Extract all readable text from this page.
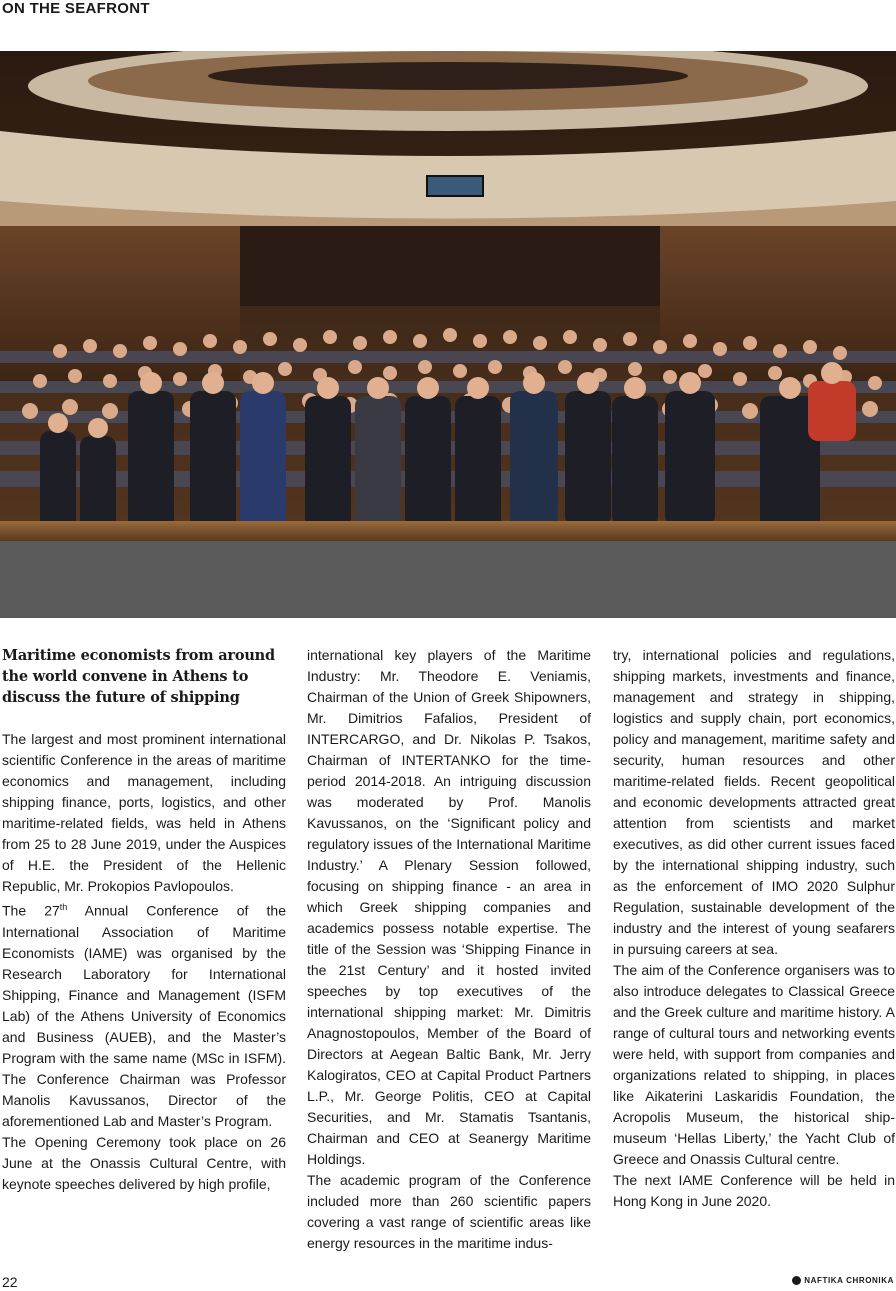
ON THE SEAFRONT
Maritime economists from around the world convene in Athens to discuss the future of shipping

The largest and most prominent international scientific Conference in the areas of maritime economics and management, including shipping finance, ports, logistics, and other maritime-related fields, was held in Athens from 25 to 28 June 2019, under the Auspices of H.E. the President of the Hellenic Republic, Mr. Prokopios Pavlopoulos.

The 27th Annual Conference of the International Association of Maritime Economists (IAME) was organised by the Research Laboratory for International Shipping, Finance and Management (ISFM Lab) of the Athens University of Economics and Business (AUEB), and the Master’s Program with the same name (MSc in ISFM). The Conference Chairman was Professor Manolis Kavussanos, Director of the aforementioned Lab and Master’s Program.

The Opening Ceremony took place on 26 June at the Onassis Cultural Centre, with keynote speeches delivered by high profile,

international key players of the Maritime Industry: Mr. Theodore E. Veniamis, Chairman of the Union of Greek Shipowners, Mr. Dimitrios Fafalios, President of INTERCARGO, and Dr. Nikolas P. Tsakos, Chairman of INTERTANKO for the time-period 2014-2018. An intriguing discussion was moderated by Prof. Manolis Kavussanos, on the ‘Significant policy and regulatory issues of the International Maritime Industry.’ A Plenary Session followed, focusing on shipping finance - an area in which Greek shipping companies and academics possess notable expertise. The title of the Session was ‘Shipping Finance in the 21st Century’ and it hosted invited speeches by top executives of the international shipping market: Mr. Dimitris Anagnostopoulos, Member of the Board of Directors at Aegean Baltic Bank, Mr. Jerry Kalogiratos, CEO at Capital Product Partners L.P., Mr. George Politis, CEO at Capital Securities, and Mr. Stamatis Tsantanis, Chairman and CEO at Seanergy Maritime Holdings.

The academic program of the Conference included more than 260 scientific papers covering a vast range of scientific areas like energy resources in the maritime indus-

try, international policies and regulations, shipping markets, investments and finance, management and strategy in shipping, logistics and supply chain, port economics, policy and management, maritime safety and security, human resources and other maritime-related fields. Recent geopolitical and economic developments attracted great attention from scientists and market executives, as did other current issues faced by the international shipping industry, such as the enforcement of IMO 2020 Sulphur Regulation, sustainable development of the industry and the interest of young seafarers in pursuing careers at sea.

The aim of the Conference organisers was to also introduce delegates to Classical Greece and the Greek culture and maritime history. A range of cultural tours and networking events were held, with support from companies and organizations related to shipping, in places like Aikaterini Laskaridis Foundation, the Acropolis Museum, the historical ship-museum ‘Hellas Liberty,’ the Yacht Club of Greece and Onassis Cultural centre.

The next IAME Conference will be held in Hong Kong in June 2020.

22	NAFTIKA CHRONIKA
